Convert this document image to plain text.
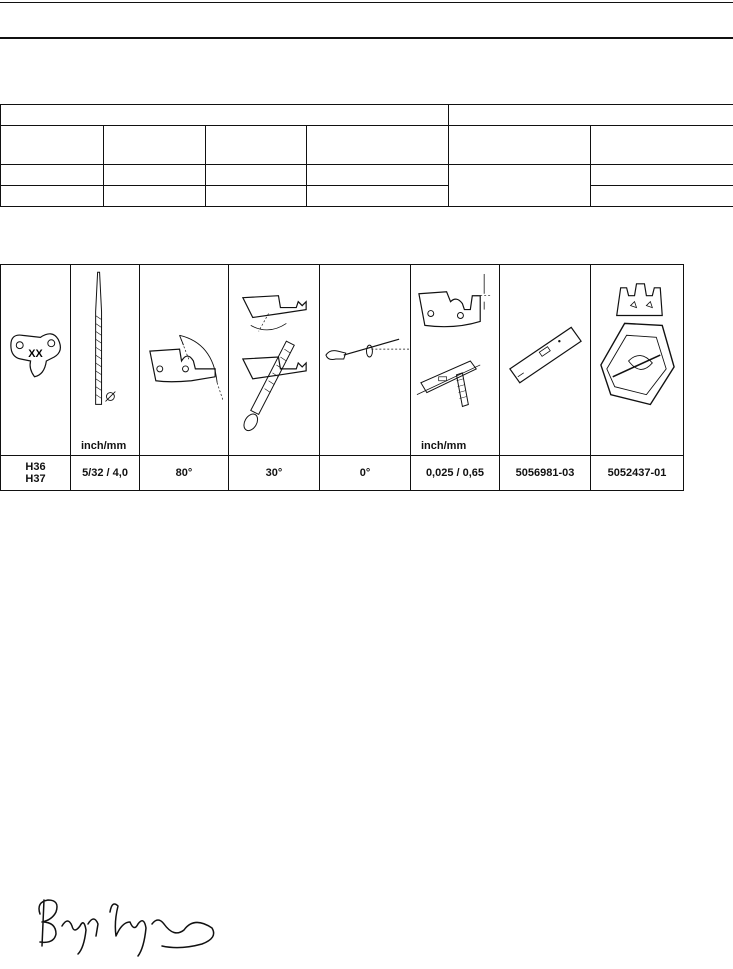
XX	inch/mm				inch/mm

H36
H37	5/32 / 4,0	80°	30°	0°	0,025 / 0,65	5056981-03	5052437-01
